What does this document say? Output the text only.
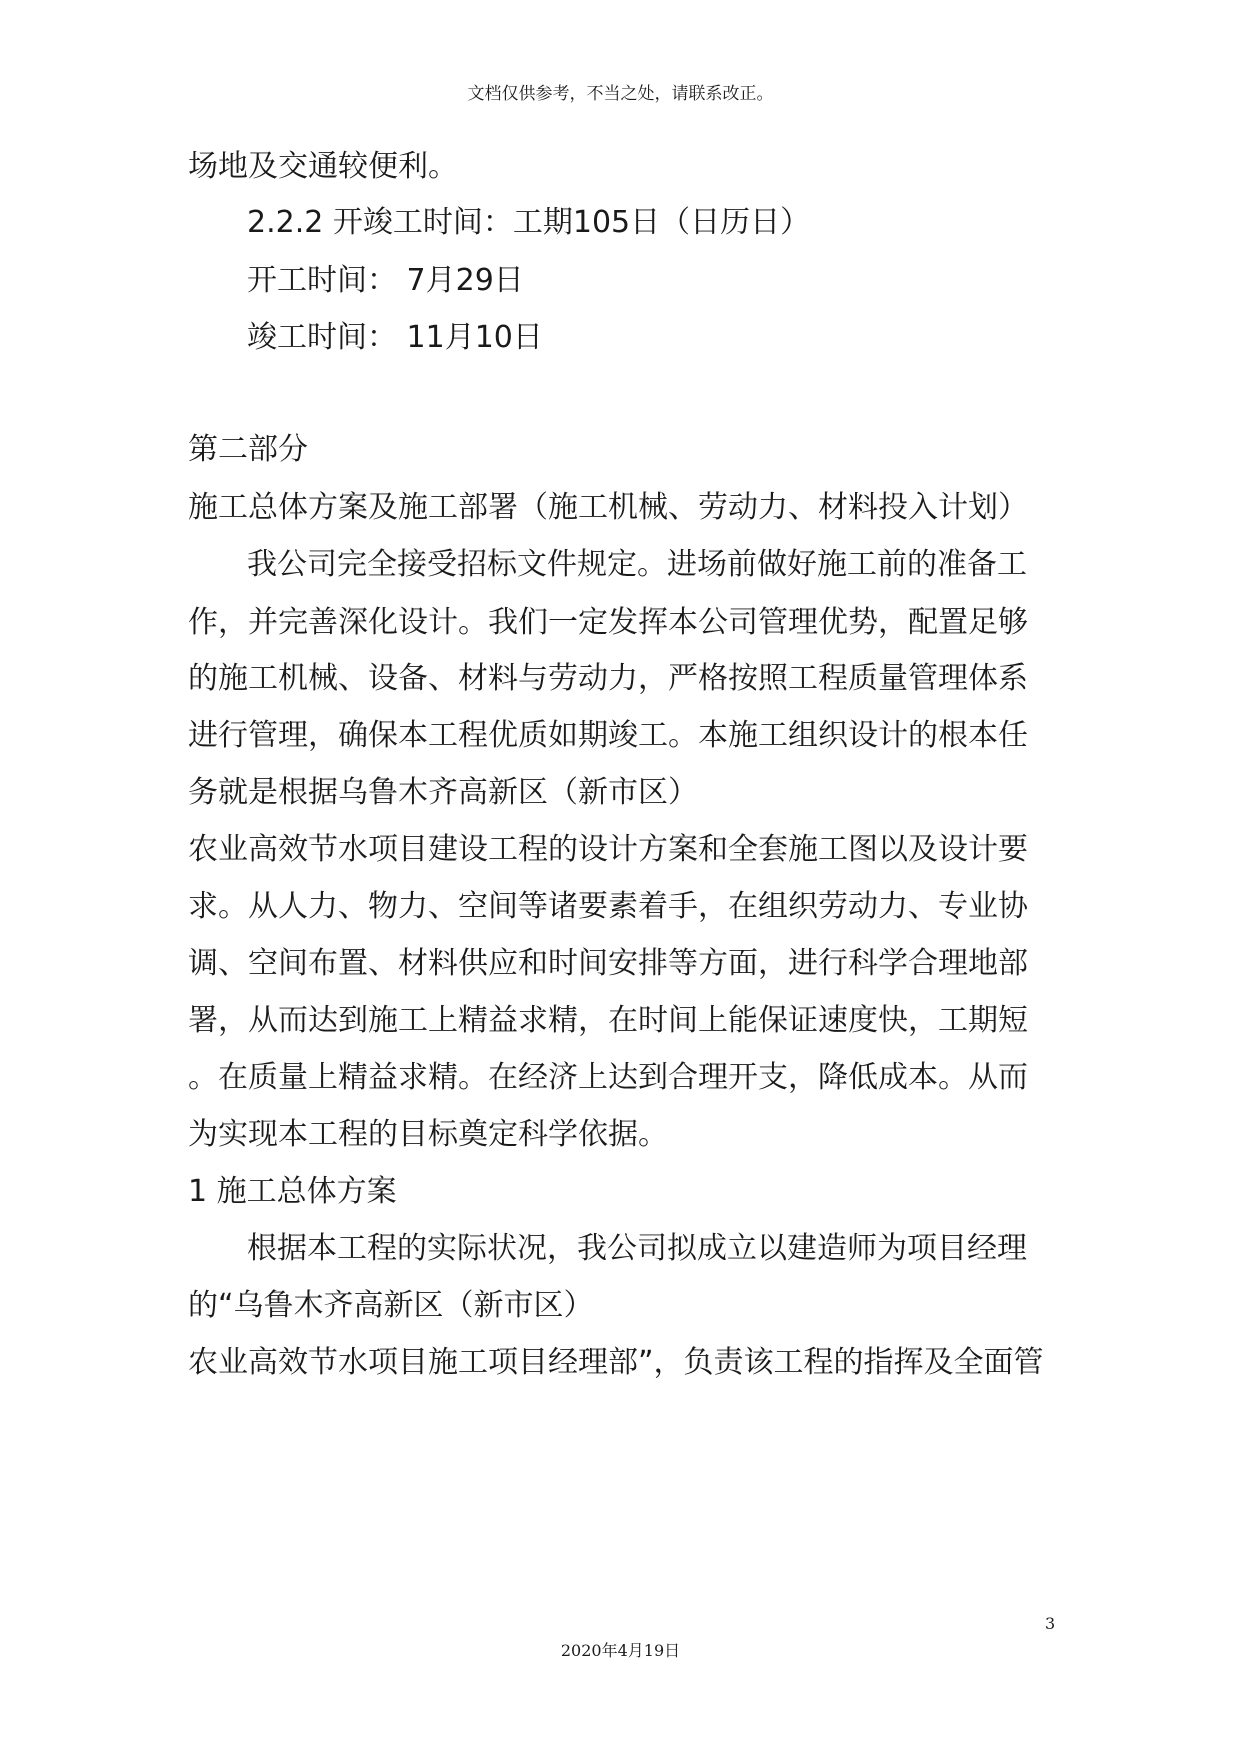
文档仅供参考，不当之处，请联系改正。
场地及交通较便利。
2.2.2 开竣工时间：工期105日（日历日）
开工时间： 7月29日
竣工时间： 11月10日
第二部分
施工总体方案及施工部署（施工机械、劳动力、材料投入计划）
我公司完全接受招标文件规定。进场前做好施工前的准备工
作，并完善深化设计。我们一定发挥本公司管理优势，配置足够
的施工机械、设备、材料与劳动力，严格按照工程质量管理体系
进行管理，确保本工程优质如期竣工。本施工组织设计的根本任
务就是根据乌鲁木齐高新区（新市区）
农业高效节水项目建设工程的设计方案和全套施工图以及设计要
求。从人力、物力、空间等诸要素着手，在组织劳动力、专业协
调、空间布置、材料供应和时间安排等方面，进行科学合理地部
署，从而达到施工上精益求精，在时间上能保证速度快，工期短
。在质量上精益求精。在经济上达到合理开支，降低成本。从而
为实现本工程的目标奠定科学依据。
1 施工总体方案
根据本工程的实际状况，我公司拟成立以建造师为项目经理
的“乌鲁木齐高新区（新市区）
农业高效节水项目施工项目经理部”，负责该工程的指挥及全面管
3
2020年4月19日
